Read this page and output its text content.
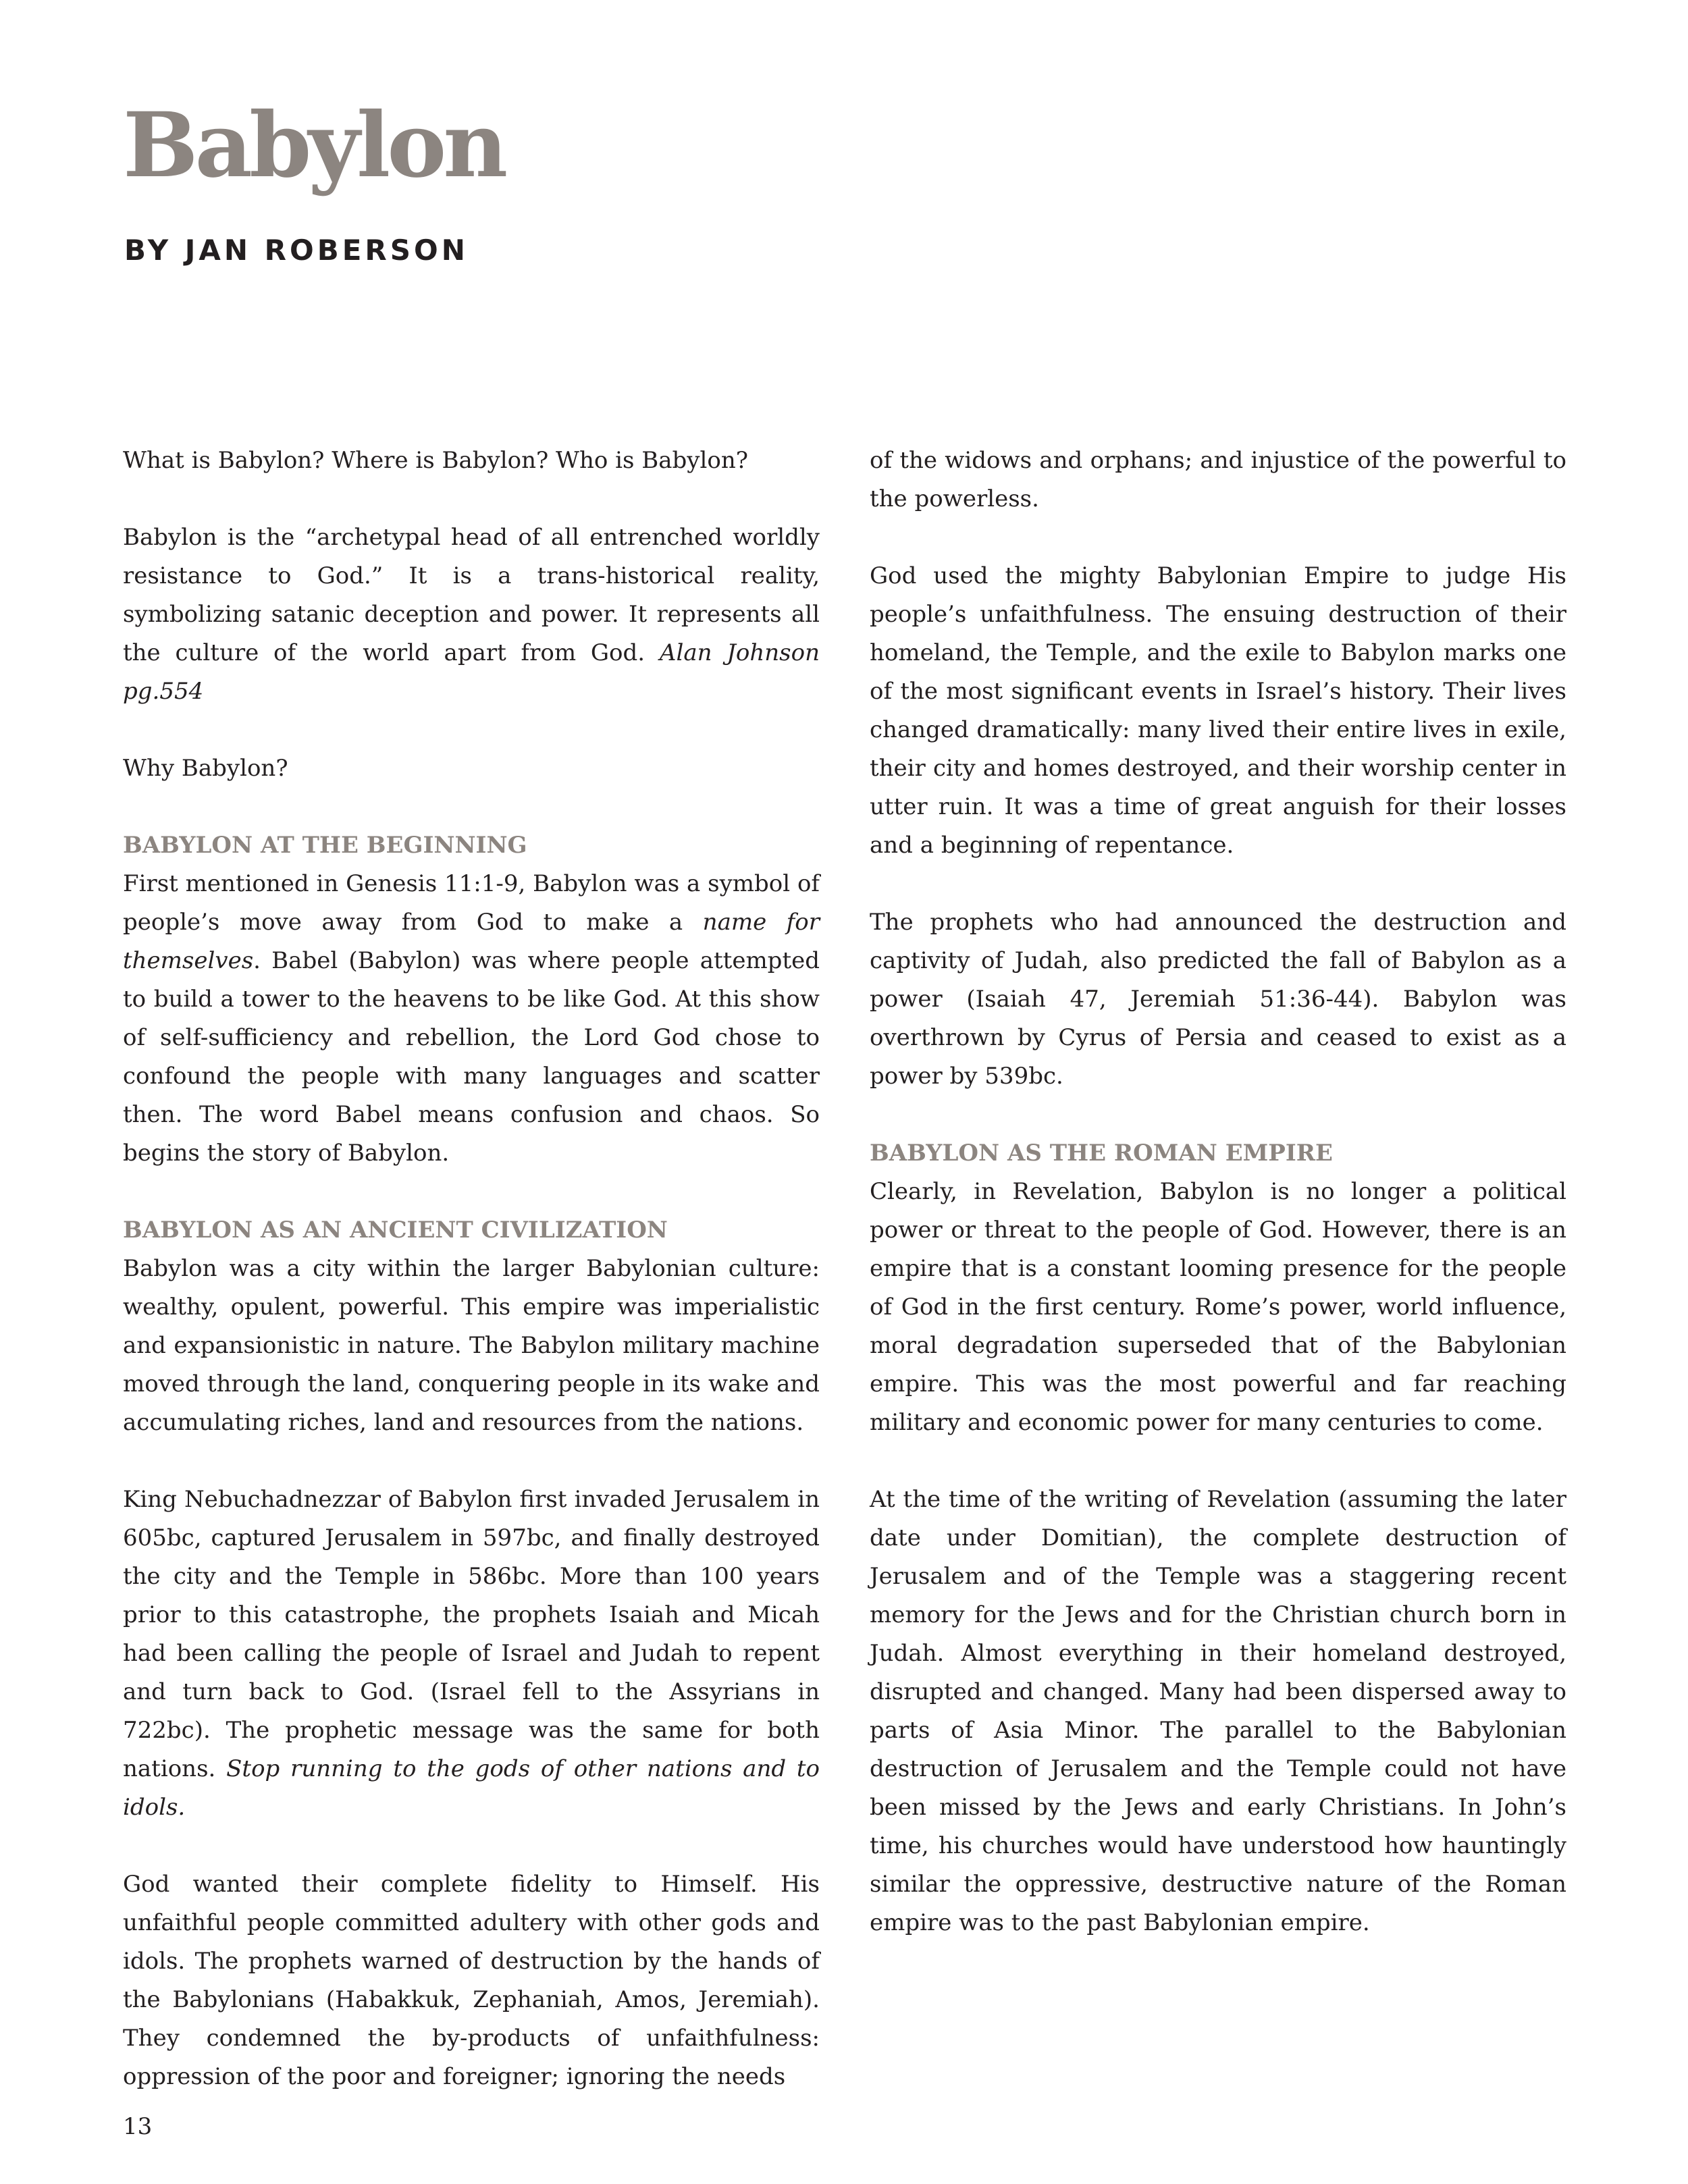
Babylon
BY JAN ROBERSON

What is Babylon? Where is Babylon? Who is Babylon?

Babylon is the “archetypal head of all entrenched worldly resistance to God.” It is a trans-historical reality, symbolizing satanic deception and power. It represents all the culture of the world apart from God. Alan Johnson pg.554

Why Babylon?

BABYLON AT THE BEGINNING

First mentioned in Genesis 11:1-9, Babylon was a symbol of people’s move away from God to make a name for themselves. Babel (Babylon) was where people attempted to build a tower to the heavens to be like God. At this show of self-sufficiency and rebellion, the Lord God chose to confound the people with many languages and scatter then. The word Babel means confusion and chaos. So begins the story of Babylon.

BABYLON AS AN ANCIENT CIVILIZATION

Babylon was a city within the larger Babylonian culture: wealthy, opulent, powerful. This empire was imperialistic and expansionistic in nature. The Babylon military machine moved through the land, conquering people in its wake and accumulating riches, land and resources from the nations.

King Nebuchadnezzar of Babylon first invaded Jerusalem in 605bc, captured Jerusalem in 597bc, and finally destroyed the city and the Temple in 586bc. More than 100 years prior to this catastrophe, the prophets Isaiah and Micah had been calling the people of Israel and Judah to repent and turn back to God. (Israel fell to the Assyrians in 722bc). The prophetic message was the same for both nations. Stop running to the gods of other nations and to idols.

God wanted their complete fidelity to Himself. His unfaithful people committed adultery with other gods and idols. The prophets warned of destruction by the hands of the Babylonians (Habakkuk, Zephaniah, Amos, Jeremiah). They condemned the by-products of unfaithfulness: oppression of the poor and foreigner; ignoring the needs

of the widows and orphans; and injustice of the powerful to the powerless.

God used the mighty Babylonian Empire to judge His people’s unfaithfulness. The ensuing destruction of their homeland, the Temple, and the exile to Babylon marks one of the most significant events in Israel’s history. Their lives changed dramatically: many lived their entire lives in exile, their city and homes destroyed, and their worship center in utter ruin. It was a time of great anguish for their losses and a beginning of repentance.

The prophets who had announced the destruction and captivity of Judah, also predicted the fall of Babylon as a power (Isaiah 47, Jeremiah 51:36-44). Babylon was overthrown by Cyrus of Persia and ceased to exist as a power by 539bc.

BABYLON AS THE ROMAN EMPIRE

Clearly, in Revelation, Babylon is no longer a political power or threat to the people of God. However, there is an empire that is a constant looming presence for the people of God in the first century. Rome’s power, world influence, moral degradation superseded that of the Babylonian empire. This was the most powerful and far reaching military and economic power for many centuries to come.

At the time of the writing of Revelation (assuming the later date under Domitian), the complete destruction of Jerusalem and of the Temple was a staggering recent memory for the Jews and for the Christian church born in Judah. Almost everything in their homeland destroyed, disrupted and changed. Many had been dispersed away to parts of Asia Minor. The parallel to the Babylonian destruction of Jerusalem and the Temple could not have been missed by the Jews and early Christians. In John’s time, his churches would have understood how hauntingly similar the oppressive, destructive nature of the Roman empire was to the past Babylonian empire.

13
